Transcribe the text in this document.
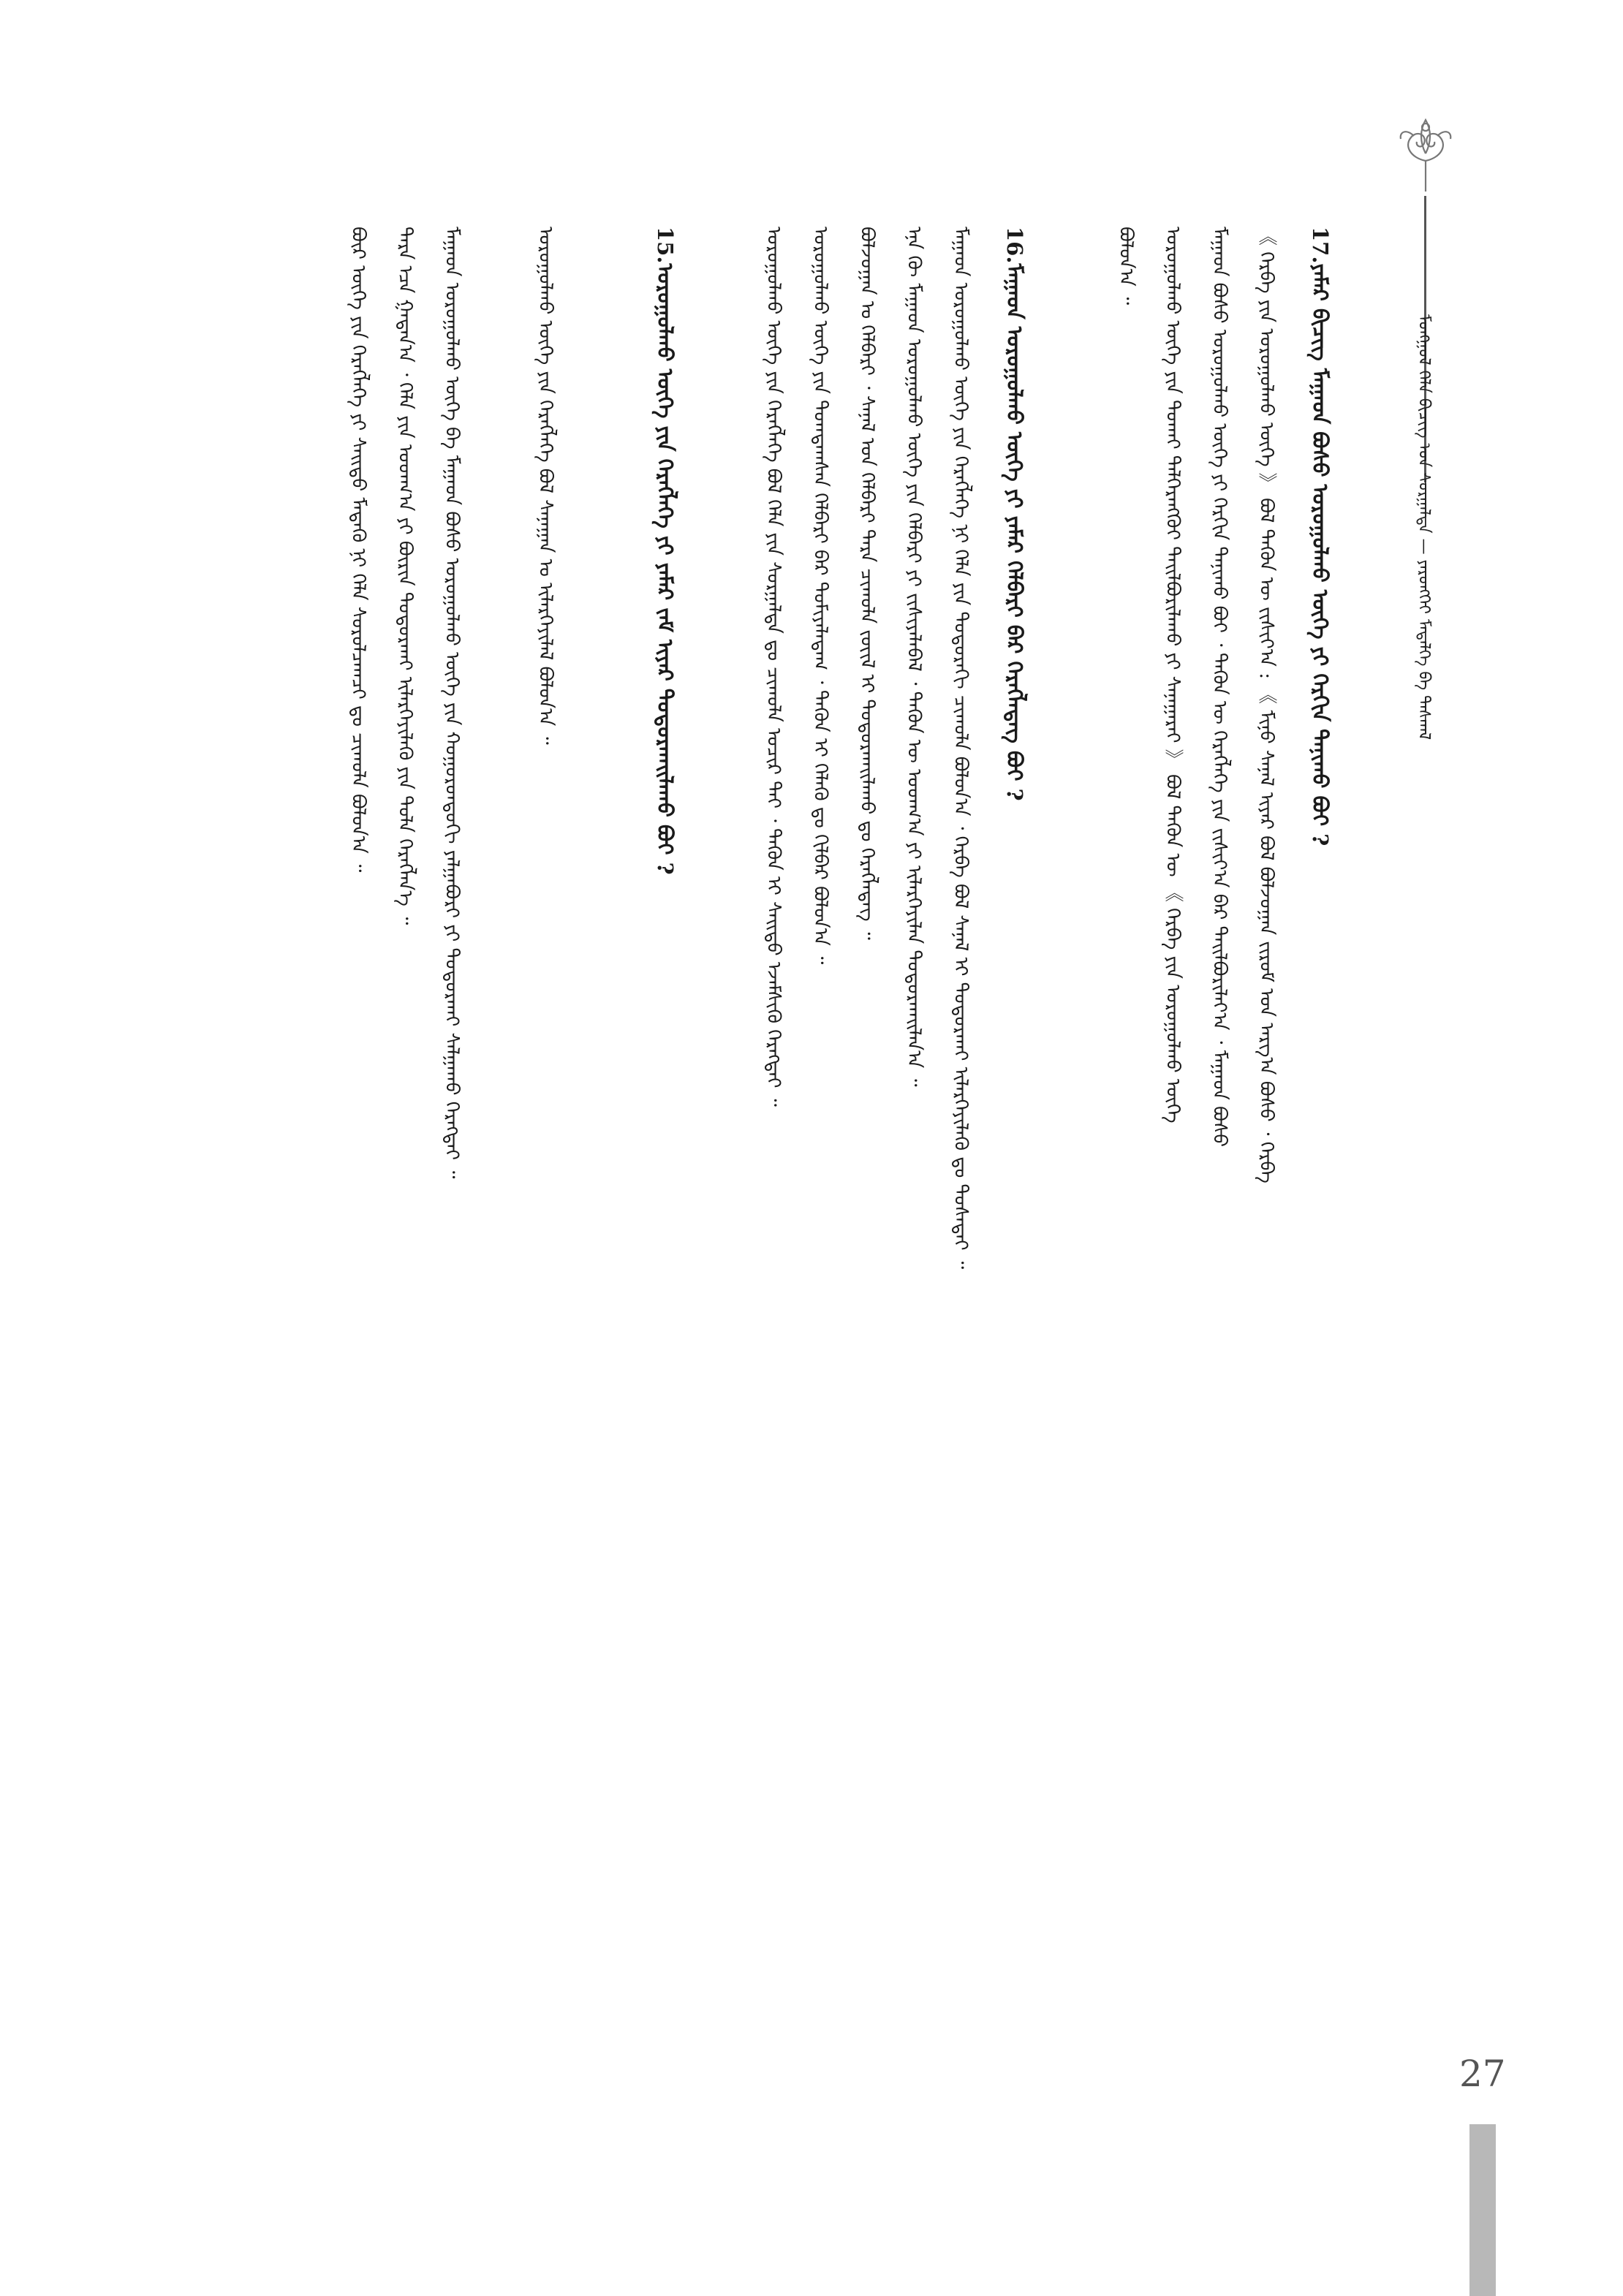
ᠮᠣᠩᠭᠣᠯ ᠬᠡᠯᠡ ᠪᠢᠴᠢᠭ ᠤᠨ ᠰᠤᠷᠭᠠᠯᠳᠠ — ᠶᠡᠷᠦᠩᠬᠡᠢ ᠮᠡᠳᠡᠯᠭᠡ ᠪᠠ ᠳᠠᠰᠬᠠᠯ
17.ᠶᠠᠮᠠᠷ ᠪᠢᠴᠢᠭ ᠮᠠᠭᠠᠳ ᠪᠤᠰᠤ ᠤᠷᠤᠭᠤᠯᠬᠤ ᠦᠭᠡ ᠶᠢ ᠬᠡᠷᠬᠢᠨ ᠲᠠᠨᠢᠬᠤ ᠪᠤᠢ ?
《 ᠬᠡᠷᠪᠡ ᠶᠢᠨ ᠤᠷᠤᠭᠤᠯᠬᠤ ᠦᠭᠡ 》 ᠪᠣᠯ ᠲᠡᠭᠦᠨ ᠦ ᠵᠢᠱᠢᠶ᠎ᠠ : 《 ᠮᠢᠨᠦ ᠰᠠᠨᠠᠯ ᠢᠶᠠᠷ ᠪᠣᠯ ᠪᠣᠯᠵᠣᠭᠠᠨ ᠵᠢᠷᠦᠮ ᠤᠨ ᠠᠷᠭ᠎ᠠ ᠪᠤᠰᠤ ᠂ ᠬᠡᠷᠪᠡ
ᠮᠠᠭᠠᠳ ᠪᠤᠰᠤ ᠤᠷᠤᠭᠤᠯᠬᠤ ᠦᠭᠡ ᠶᠢ ᠬᠡᠷᠬᠢᠨ ᠲᠠᠨᠢᠬᠤ ᠪᠤᠢ ᠂ ᠲᠡᠭᠦᠨ ᠦ ᠬᠡᠷᠡᠭᠯᠡᠭᠡ ᠶᠢᠨ ᠵᠢᠱᠢᠶ᠎ᠠ ᠪᠠᠷ ᠲᠠᠢᠯᠪᠤᠷᠢᠯᠠᠶ᠎ᠠ ᠂ ᠮᠠᠭᠠᠳ ᠪᠤᠰᠤ
ᠤᠷᠤᠭᠤᠯᠬᠤ ᠦᠭᠡ ᠶᠢᠨ ᠲᠤᠬᠠᠢ ᠳᠡᠯᠭᠡᠷᠡᠩᠭᠦᠢ ᠲᠠᠢᠯᠪᠤᠷᠢᠯᠠᠬᠤ ᠶᠢ ᠰᠠᠨᠠᠭᠠᠷᠠᠢ 》 ᠪᠣᠯ ᠲᠡᠭᠦᠨ ᠦ 《 ᠬᠡᠷᠪᠡ ᠶᠢᠨ ᠤᠷᠤᠭᠤᠯᠬᠤ ᠦᠭᠡ
ᠪᠣᠯᠤᠨ᠎ᠠ ᠃
16.ᠮᠠᠭᠠᠳ ᠤᠷᠤᠭᠤᠯᠬᠤ ᠦᠭᠡ ᠶᠢ ᠶᠠᠮᠠᠷ ᠬᠡᠯᠪᠡᠷᠢ ᠪᠡᠷ ᠬᠡᠷᠡᠭᠯᠡᠳᠡᠭ ᠪᠤᠢ ?
ᠮᠠᠭᠠᠳ ᠤᠷᠤᠭᠤᠯᠬᠤ ᠦᠭᠡ ᠶᠢᠨ ᠬᠡᠷᠡᠭᠯᠡᠭᠡ ᠨᠢ ᠬᠡᠯᠡ ᠶᠢᠨ ᠳᠣᠲᠣᠷᠠᠬᠢ ᠴᠢᠬᠤᠯᠠ ᠪᠣᠯᠤᠨ᠎ᠠ ᠂ ᠬᠡᠷᠪᠡ ᠪᠣᠯ ᠰᠠᠨᠠᠯ ᠢ ᠲᠣᠳᠣᠷᠬᠠᠢ ᠢᠯᠡᠷᠬᠡᠶᠢᠯᠡᠬᠦ ᠳᠤ ᠲᠤᠰᠠᠲᠠᠢ ᠃
ᠡᠨᠡ ᠬᠦ ᠮᠠᠭᠠᠳ ᠤᠷᠤᠭᠤᠯᠬᠤ ᠦᠭᠡ ᠶᠢᠨ ᠬᠡᠯᠪᠡᠷᠢ ᠶᠢ ᠵᠢᠱᠢᠶᠡᠯᠡᠪᠡᠯ ᠂ ᠲᠡᠭᠦᠨ ᠦ ᠤᠳᠬ᠎ᠠ ᠶᠢ ᠢᠯᠡᠷᠬᠡᠶᠢᠯᠡᠨ ᠲᠣᠳᠣᠷᠬᠠᠢᠯᠠᠨ᠎ᠠ ᠃
ᠪᠣᠯᠵᠣᠭᠠᠨ ᠤ ᠬᠡᠯᠪᠡᠷᠢ ᠂ ᠰᠠᠨᠠᠯ ᠤᠨ ᠬᠡᠯᠪᠡᠷᠢ ᠲᠡᠷᠡ ᠴᠢᠬᠤᠯᠠ ᠵᠦᠢᠯ ᠢ ᠲᠣᠳᠣᠷᠬᠠᠢᠯᠠᠬᠤ ᠳᠤ ᠬᠡᠷᠡᠭᠯᠡᠳᠡᠭ ᠃
ᠤᠷᠤᠭᠤᠯᠬᠤ ᠦᠭᠡ ᠶᠢᠨ ᠲᠣᠭᠲᠠᠭᠰᠠᠨ ᠬᠡᠯᠪᠡᠷᠢ ᠪᠡᠷ ᠲᠣᠮᠢᠶᠠᠯᠠᠳᠠᠭ ᠂ ᠲᠡᠭᠦᠨ ᠢ ᠬᠡᠯᠡᠬᠦ ᠳᠤ ᠬᠢᠯᠪᠠᠷ ᠪᠣᠯᠤᠨ᠎ᠠ ᠃
ᠤᠷᠤᠭᠤᠯᠬᠤ ᠦᠭᠡ ᠶᠢᠨ ᠬᠡᠷᠡᠭᠯᠡᠭᠡ ᠪᠣᠯ ᠬᠡᠯᠡ ᠶᠢᠨ ᠰᠤᠷᠭᠠᠯᠳᠠ ᠳᠤ ᠴᠢᠬᠤᠯᠠ ᠤᠴᠢᠷ ᠲᠠᠢ ᠂ ᠲᠡᠭᠦᠨ ᠢ ᠰᠠᠢᠲᠤ ᠡᠵᠡᠮᠰᠢᠬᠦ ᠬᠡᠷᠡᠭᠲᠡᠢ ᠃
15.ᠤᠷᠤᠭᠤᠯᠬᠤ ᠦᠭᠡ ᠶᠢᠨ ᠬᠡᠷᠡᠭᠯᠡᠭᠡ ᠶᠢ ᠶᠠᠮᠠᠷ ᠵᠠᠮ ᠢᠶᠠᠷ ᠲᠣᠳᠣᠷᠬᠠᠢᠯᠠᠬᠤ ᠪᠤᠢ ?
ᠤᠷᠤᠭᠤᠯᠬᠤ ᠦᠭᠡ ᠶᠢᠨ ᠬᠡᠷᠡᠭᠯᠡᠭᠡ ᠪᠣᠯ ᠰᠠᠨᠠᠭᠠᠨ ᠤ ᠢᠯᠡᠷᠬᠡᠶᠢᠯᠡᠯ ᠪᠣᠯᠤᠨ᠎ᠠ ᠃
ᠮᠠᠭᠠᠳ ᠤᠷᠤᠭᠤᠯᠬᠤ ᠦᠭᠡ ᠪᠠ ᠮᠠᠭᠠᠳ ᠪᠤᠰᠤ ᠤᠷᠤᠭᠤᠯᠬᠤ ᠦᠭᠡ ᠶᠢᠨ ᠬᠣᠭᠣᠷᠣᠨᠳᠣᠬᠢ ᠶᠠᠯᠭᠠᠪᠤᠷᠢ ᠶᠢ ᠲᠣᠳᠣᠷᠬᠠᠢ ᠰᠠᠯᠭᠠᠬᠤ ᠬᠡᠷᠡᠭᠲᠡᠢ ᠃
ᠲᠡᠷᠡ ᠡᠴᠡ ᠭᠠᠳᠠᠨ᠎ᠠ ᠂ ᠬᠡᠯᠡ ᠶᠢᠨ ᠤᠳᠬ᠎ᠠ ᠶᠢ ᠪᠦᠷᠢᠨ ᠲᠣᠳᠣᠷᠬᠠᠢ ᠢᠯᠡᠷᠬᠡᠶᠢᠯᠡᠬᠦ ᠶᠢᠨ ᠲᠤᠯᠠ ᠬᠡᠷᠡᠭᠯᠡᠨ᠎ᠡ ᠃
ᠪᠦᠷ ᠦᠭᠡ ᠶᠢᠨ ᠬᠡᠷᠡᠭᠯᠡᠭᠡ ᠶᠢ ᠰᠠᠢᠲᠤ ᠮᠡᠳᠡᠬᠦ ᠨᠢ ᠬᠡᠯᠡ ᠰᠤᠷᠤᠯᠴᠠᠭᠴᠢ ᠳᠤ ᠴᠢᠬᠤᠯᠠ ᠪᠣᠯᠤᠨ᠎ᠠ ᠃
27
